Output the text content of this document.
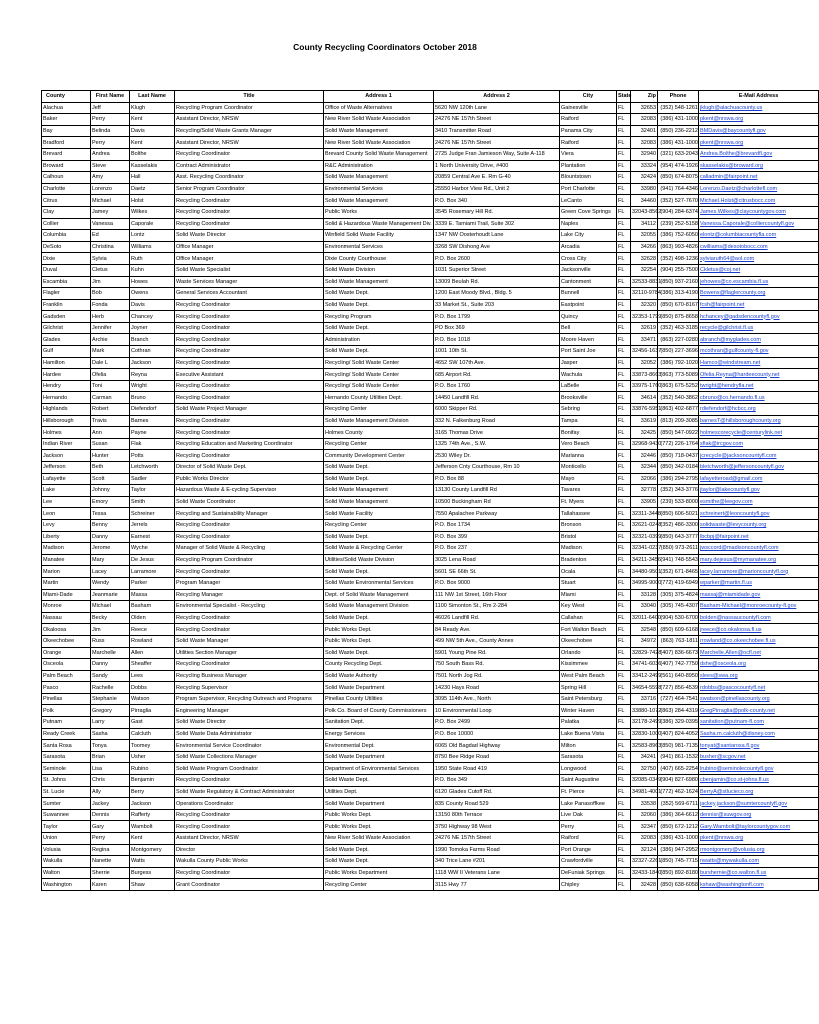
County Recycling Coordinators October 2018
County	First Name	Last Name	Title	Address 1	Address 2	City	State	Zip	Phone	E-Mail Address
Alachua	Jeff	Klugh	Recycling Program Coordinator	Office of Waste Alternatives	5620 NW 120th Lane	Gainesville	FL	32653	(352) 548-1261	jklugh@alachuacounty.us
Baker	Perry	Kent	Assistant Director, NRSW	New River Solid Waste Association	24276 NE 157th Street	Raiford	FL	32083	(386) 431-1000	pkent@nrswa.org
Bay	Belinda	Davis	Recycling/Solid Waste Grants Manager	Solid Waste Management	3410 Transmitter Road	Panama City	FL	32401	(850) 236-2212	BMDavis@baycountyfl.gov
Bradford	Perry	Kent	Assistant Director, NRSW	New River Solid Waste Association	24276 NE 157th Street	Raiford	FL	32083	(386) 431-1000	pkent@nrswa.org
Brevard	Andrea	Bolthe	Recycling Coordinator	Brevard County Solid Waste Management	2725 Judge Fran Jamieson Way, Suite A-118	Viera	FL	32940	(321) 633-2043	Andrea.Bolthe@brevardfl.gov
Broward	Steve	Kasselakis	Contract Administrator	R&C Administration	1 North University Drive, #400	Plantation	FL	33324	(954) 474-1926	skasselakis@broward.org
Calhoun	Amy	Hall	Asst. Recycling Coordinator	Solid Waste Management	20859 Central Ave E. Rm G-40	Blountstown	FL	32424	(850) 674-8075	calladmin@fairpoint.net
Charlotte	Lorenzo	Daetz	Senior Program Coordinator	Environmental Services	25550 Harbor View Rd., Unit 2	Port Charlotte	FL	33980	(941) 764-4346	Lorenzo.Daetz@charlottefl.com
Citrus	Michael	Holst	Recycling Coordinator	Solid Waste Management	P.O. Box 340	LeCanto	FL	34460	(352) 527-7670	Michael.Holst@citrusbocc.com
Clay	Jamey	Wilkes	Recycling Coordinator	Public Works	3545 Rosemary Hill Rd.	Green Cove Springs	FL	32043-8562	(904) 284-6374	James.Wilkes@claycountygov.com
Collier	Vanessa	Caporale	Recycling Coordinator	Solid & Hazardous Waste Management Div.	3339 E. Tamiami Trail, Suite 302	Naples	FL	34112	(239) 252-5158	Vanessa.Caporale@colliercountyfl.gov
Columbia	Ed	Lontz	Solid Waste Director	Winfield Solid Waste Facility	1347 NW Oosterhoudt Lane	Lake City	FL	32055	(386) 752-6050	elontz@columbiacountyfla.com
DeSoto	Christina	Williams	Office Manager	Environmental Services	3268 SW Dishong Ave	Arcadia	FL	34266	(863) 993-4826	cwilliams@desotobocc.com
Dixie	Sylvia	Ruth	Office Manager	Dixie County Courthouse	P.O. Box 2600	Cross City	FL	32628	(352) 498-1236	sylviaruth64@aol.com
Duval	Cletus	Kuhn	Solid Waste Specialist	Solid Waste Division	1031 Superior Street	Jacksonville	FL	32254	(904) 255-7500	Ckletus@coj.net
Escambia	Jim	Howes	Waste Services Manager	Solid Waste Management	13009 Beulah Rd.	Cantonment	FL	32533-8831	(850) 937-2160	jehowes@co.escambia.fl.us
Flagler	Bob	Owens	General Services Accountant	Solid Waste Dept.	1200 East Moody Blvd., Bldg. 5	Bunnell	FL	32110-9784	(386) 313-4190	Bowens@flaglercounty.org
Franklin	Fonda	Davis	Recycling Coordinator	Solid Waste Dept.	33 Market St., Suite 203	Eastpoint	FL	32320	(850) 670-8167	fcsh@fairpoint.net
Gadsden	Herb	Chancey	Recycling Coordinator	Recycling Program	P.O. Box 1799	Quincy	FL	32353-1799	(850) 875-8658	hchancey@gadsdencountyfl.gov
Gilchrist	Jennifer	Joyner	Recycling Coordinator	Solid Waste Dept.	PO Box 369	Bell	FL	32619	(352) 463-3185	recycle@gilchrist.fl.us
Glades	Archie	Branch	Recycling Coordinator	Administration	P.O. Box 1018	Moore Haven	FL	33471	(863) 227-0280	abranch@myglades.com
Gulf	Mark	Cothran	Recycling Coordinator	Solid Waste Dept.	1001 10th St.	Port Saint Joe	FL	32456-1637	(850) 227-3696	mcothran@gulfcounty-fl.gov
Hamilton	Dale L	Jackson	Recycling Coordinator	Recycling/ Solid Waste Center	4652 SW 107th Ave.	Jasper	FL	32052	(386) 792-1020	Hamco@windstream.net
Hardee	Ofelia	Reyna	Executive Assistant	Recycling/ Solid Waste Center	685 Airport Rd.	Wachula	FL	33873-8663	(863) 773-5089	Ofelia.Reyna@hardeecounty.net
Hendry	Toni	Wright	Recycling Coordinator	Recycling/ Solid Waste Center	P.O. Box 1760	LaBelle	FL	33975-1760	(863) 675-5252	twright@hendryfla.net
Hernando	Carman	Bruno	Recycling Coordinator	Hernando County Utilities Dept.	14450 Landfill Rd.	Brooksville	FL	34614	(352) 540-3862	cbruno@co.hernando.fl.us
Highlands	Robert	Diefendorf	Solid Waste Project Manager	Recycling Center	6000 Skipper Rd.	Sebring	FL	33876-5951	(863) 402-6877	rdiefendorf@hcbcc.org
Hillsborough	Travis	Barnes	Recycling Coordinator	Solid Waste Management Division	332 N. Falkenburg Road	Tampa	FL	33619	(813) 209-3085	barnesT@hillsboroughcounty.org
Holmes	Ann	Payne	Recycling Coordinator	Holmes County	3165 Thomas Drive	Bonifay	FL	32425	(850) 547-0922	holmescorecycle@centurylink.net
Indian River	Susan	Flak	Recycling Education and Marketing Coordinator	Recycling Center	1325 74th Ave., S.W.	Vero Beach	FL	32968-9430	(772) 226-1764	sflak@ircgov.com
Jackson	Hunter	Potts	Recycling Coordinator	Community Development Center	2530 Wiley Dr.	Marianna	FL	32446	(850) 718-0437	jcrecycle@jacksoncountyfl.com
Jefferson	Beth	Letchworth	Director of Solid Waste Dept.	Solid Waste Dept.	Jefferson Cnty Courthouse, Rm 10	Monticello	FL	32344	(850) 342-0184	bletchworth@jeffersoncountyfl.gov
Lafayette	Scott	Sadler	Public Works Director	Solid Waste Dept.	P.O. Box 88	Mayo	FL	32066	(386) 294-2795	lafayetteroad@gmail.com
Lake	Johnny	Taylor	Hazardous Waste & E-cycling Supervisor	Solid Waste Management	13130 County Landfill Rd	Tavares	FL	32778	(352) 343-3776	jtaylor@lakecountyfl.gov
Lee	Emory	Smith	Solid Waste Coordinator	Solid Waste Management	10500 Buckingham Rd	Ft. Myers	FL	33905	(239) 533-8000	esmithe@leegov.com
Leon	Tessa	Schreiner	Recycling and Sustainability Manager	Solid Waste Facility	7550 Apalachee Parkway	Tallahassee	FL	32311-3448	(850) 606-5021	schreinert@leoncountyfl.gov
Levy	Benny	Jerrels	Recycling Coordinator	Recycling Center	P.O. Box 1734	Bronson	FL	32621-0248	(352) 486-3300	solidwaste@levycounty.org
Liberty	Danny	Earnest	Recycling Coordinator	Solid Waste Dept.	P.O. Box 399	Bristol	FL	32321-0399	(850) 643-3777	lbcbpj@fairpoint.net
Madison	Jerome	Wyche	Manager of Solid Waste & Recycling	Solid Waste & Recycling Center	P.O. Box 237	Madison	FL	32341-0237	(850) 973-2611	jwsccord@madisoncountyfl.com
Manatee	Mary	De Jesus	Recycling Program Coordinator	Utilities/Solid Waste Division	3025 Lena Road	Bradenton	FL	34211-3456	(941) 748-5543	mary.dejesus@mymanatee.org
Marion	Lacey	Larramore	Recycling Coordinator	Solid Waste Dept.	5601 SE 66th St.	Ocala	FL	34480-9501	(352) 671-8465	lacey.larramore@marioncountyfl.org
Martin	Wendy	Parker	Program Manager	Solid Waste Environmental Services	P.O. Box 9000	Stuart	FL	34995-9000	(772) 419-6949	wparker@martin.fl.us
Miami-Dade	Jeanmarie	Massa	Recycling Manager	Dept. of Solid Waste Management	111 NW 1st Street, 16th Floor	Miami	FL	33128	(305) 375-4824	massaj@miamidade.gov
Monroe	Michael	Basham	Environmental Specialist - Recycling	Solid Waste Management Division	1100 Simonton St., Rm 2-284	Key West	FL	33040	(305) 745-4307	Basham-Michael@monroecounty-fl.gov
Nassau	Becky	Olden	Recycling Coordinator	Solid Waste Dept.	46026 Landfill Rd.	Callahan	FL	32011-6400	(904) 530-6700	bolden@nassaucountyfl.com
Okaloosa	Jim	Reece	Recycling Coordinator	Public Works Dept.	84 Ready Ave.	Fort Walton Beach	FL	32548	(850) 609-6168	jreece@co.okaloosa.fl.us
Okeechobee	Russ	Rowland	Solid Waste Manager	Public Works Dept.	499 NW 5th Ave., County Annex	Okeechobee	FL	34972	(863) 763-1811	rrowland@co.okeechobee.fl.us
Orange	Marchelle	Allen	Utilities Section Manager	Solid Waste Dept.	5901 Young Pine Rd.	Orlando	FL	32829-7428	(407) 836-6673	Marchelle.Allen@ocfl.net
Osceola	Danny	Sheaffer	Recycling Coordinator	County Recycling Dept.	750 South Bass Rd.	Kissimmee	FL	34741-6036	(407) 742-7750	dshe@osceola.org
Palm Beach	Sandy	Lees	Recycling Business Manager	Solid Waste Authority	7501 North Jog Rd.	West Palm Beach	FL	33412-2499	(561) 640-8950	slees@swa.org
Pasco	Rachelle	Dobbs	Recycling Supervisor	Solid Waste Department	14230 Hays Road	Spring Hill	FL	34654-5598	(727) 856-4539	rdobbs@pascocountyfl.net
Pinellas	Stephanie	Watson	Program Supervisor, Recycling Outreach and Programs	Pinellas County Utilities	3095 114th Ave., North	Saint Petersburg	FL	33716	(727) 464-7541	swatson@pinellascounty.org
Polk	Gregory	Pirraglia	Engineering Manager	Polk Co. Board of County Commissioners	10 Environmental Loop	Winter Haven	FL	33880-1072	(863) 284-4319	GregPirraglia@polk-county.net
Putnam	Larry	Gast	Solid Waste Director	Sanitation Dept.	P.O. Box 2499	Palatka	FL	32178-2499	(386) 329-0395	sanitation@putnam-fl.com
Ready Creek	Sasha	Calcluth	Solid Waste Data Administrator	Energy Services	P.O. Box 10000	Lake Buena Vista	FL	32830-1000	(407) 824-4052	Sasha.m.calcluth@disney.com
Santa Rosa	Tonya	Toomey	Environmental Service Coordinator	Environmental Dept.	6065 Old Bagdad Highway	Milton	FL	32583-8963	(850) 981-7135	tonyat@santarosa.fl.gov
Sarasota	Brian	Usher	Solid Waste Collections Manager	Solid Waste Department	8750 Bee Ridge Road	Sarasota	FL	34241	(941) 861-1532	busher@scgov.net
Seminole	Lisa	Rubino	Solid Waste Program Coordinator	Department of Environmental Services	1950 State Road 419	Longwood	FL	32750	(407) 665-2254	lrubino@seminolecountyfl.gov
St. Johns	Chris	Benjamin	Recycling Coordinator	Solid Waste Dept.	P.O. Box 349	Saint Augustine	FL	32085-0349	(904) 827-6980	cbenjamin@co.st-johns.fl.us
St. Lucie	Ally	Berry	Solid Waste Regulatory & Contract Administrator	Utilities Dept.	6120 Glades Cutoff Rd.	Ft. Pierce	FL	34981-4001	(772) 462-1624	BerryA@stlucieco.org
Sumter	Jackey	Jackson	Operations Coordinator	Solid Waste Department	835 County Road 529	Lake Panasoffkee	FL	33538	(352) 569-6711	jackey.jackson@sumtercountyfl.gov
Suwannee	Dennis	Rafferty	Recycling Coordinator	Public Works Dept.	13150 80th Terrace	Live Oak	FL	32060	(386) 364-6612	dennisr@suwgov.org
Taylor	Gary	Wambolt	Recycling Coordinator	Public Works Dept.	3750 Highway 98 West	Perry	FL	32347	(850) 672-1212	Gary.Wambolt@taylorcountygov.com
Union	Perry	Kent	Assistant Director, NRSW	New River Solid Waste Association	24276 NE 157th Street	Raiford	FL	32083	(386) 431-1000	pkent@nrswa.org
Volusia	Regina	Montgomery	Director	Solid Waste Dept.	1990 Tomoka Farms Road	Port Orange	FL	32124	(386) 947-2952	rmontgomery@volusia.org
Wakulla	Nanette	Watts	Wakulla County Public Works	Solid Waste Dept.	340 Trice Lane #201	Crawfordville	FL	32327-2261	(850) 745-7715	nwatts@mywakulla.com
Walton	Sherrie	Burgess	Recycling Coordinator	Public Works Department	1118 WW II Veterans Lane	DeFuniak Springs	FL	32433-1840	(850) 892-8180	burshernie@co.walton.fl.us
Washington	Karen	Shaw	Grant Coordinator	Recycling Center	3115 Hwy 77	Chipley	FL	32428	(850) 638-6058	kshaw@washingtonfl.com
